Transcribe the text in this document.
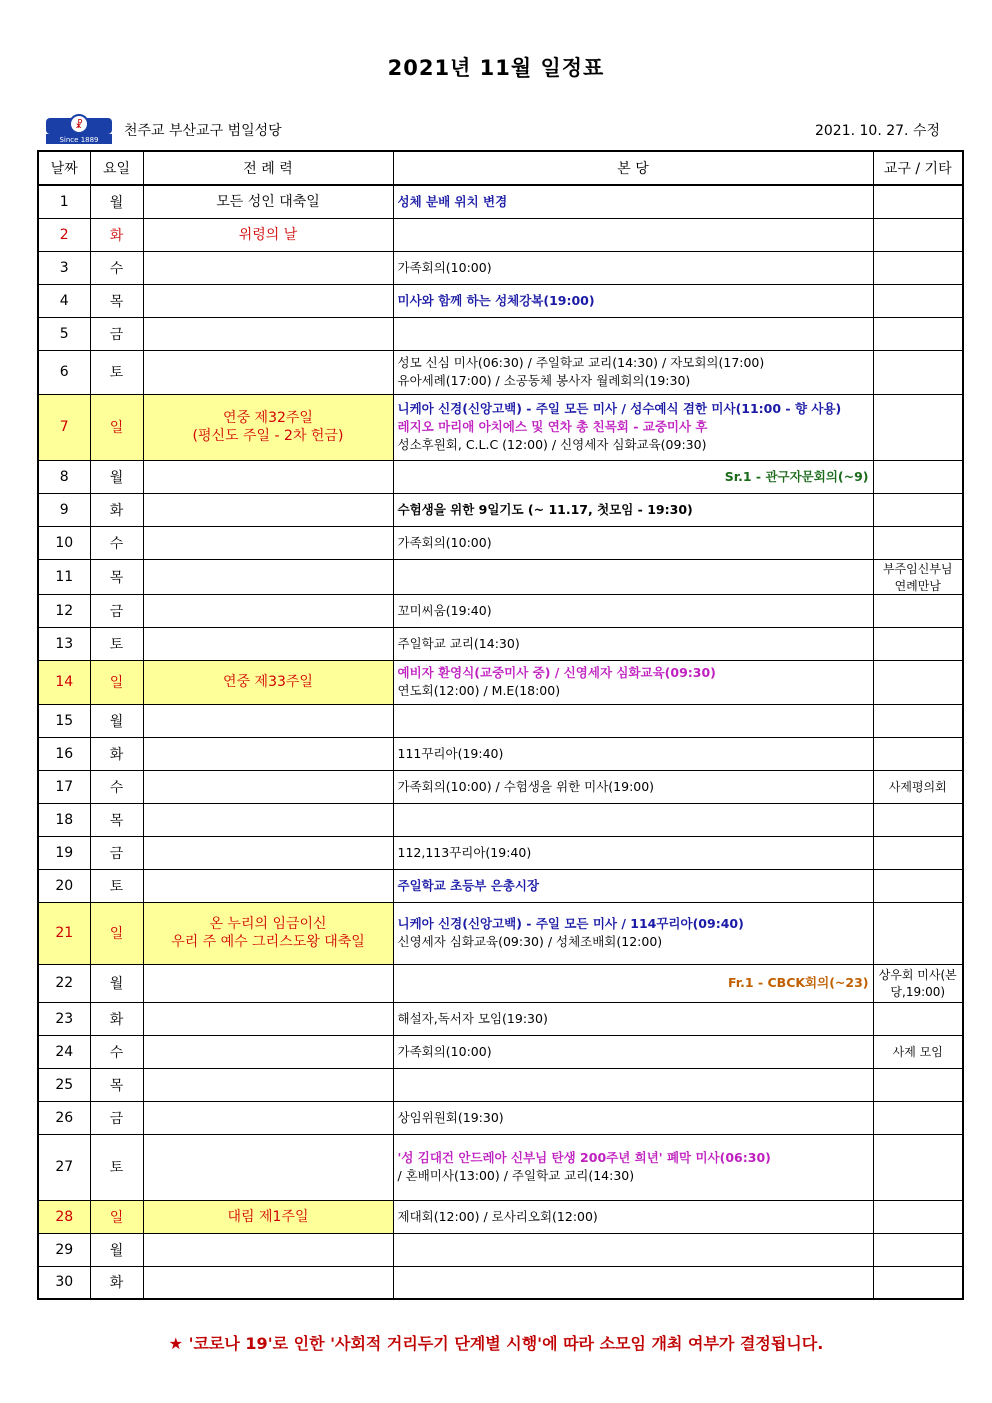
2021년 11월 일정표
☧
Since 1889
천주교 부산교구 범일성당	2021. 10. 27. 수정
날짜	요일	전 례 력	본 당	교구 / 기타
1	월	모든 성인 대축일	성체 분배 위치 변경	

2	화	위령의 날		

3	수		가족회의(10:00)	

4	목		미사와 함께 하는 성체강복(19:00)	

5	금			
6	토		성모 신심 미사(06:30) / 주일학교 교리(14:30) / 자모회의(17:00)
유아세례(17:00) / 소공동체 봉사자 월례회의(19:30)	

7	일	연중 제32주일
(평신도 주일 - 2차 헌금)	니케아 신경(신앙고백) - 주일 모든 미사 / 성수예식 겸한 미사(11:00 - 향 사용)
레지오 마리애 아치에스 및 연차 총 친목회 - 교중미사 후
성소후원회, C.L.C (12:00) / 신영세자 심화교육(09:30)	

8	월		Sr.1 - 관구자문회의(~9)	

9	화		수험생을 위한 9일기도 (~ 11.17, 첫모임 - 19:30)	

10	수		가족회의(10:00)	

11	목			부주임신부님 연례만남
12	금		꼬미씨움(19:40)	

13	토		주일학교 교리(14:30)	

14	일	연중 제33주일	예비자 환영식(교중미사 중) / 신영세자 심화교육(09:30)
연도회(12:00) / M.E(18:00)	

15	월			
16	화		111꾸리아(19:40)	

17	수		가족회의(10:00) / 수험생을 위한 미사(19:00)	사제평의회
18	목			
19	금		112,113꾸리아(19:40)	

20	토		주일학교 초등부 은총시장	

21	일	온 누리의 임금이신
우리 주 예수 그리스도왕 대축일	니케아 신경(신앙고백) - 주일 모든 미사 / 114꾸리아(09:40)
신영세자 심화교육(09:30) / 성체조배회(12:00)	

22	월		Fr.1 - CBCK회의(~23)	상우회 미사(본당,19:00)
23	화		해설자,독서자 모임(19:30)	

24	수		가족회의(10:00)	사제 모임
25	목			
26	금		상임위원회(19:30)	

27	토		'성 김대건 안드레아 신부님 탄생 200주년 희년' 폐막 미사(06:30)
/ 혼배미사(13:00) / 주일학교 교리(14:30)	

28	일	대림 제1주일	제대회(12:00) / 로사리오회(12:00)	

29	월			
30	화			
★ '코로나 19'로 인한 '사회적 거리두기 단계별 시행'에 따라 소모임 개최 여부가 결정됩니다.
